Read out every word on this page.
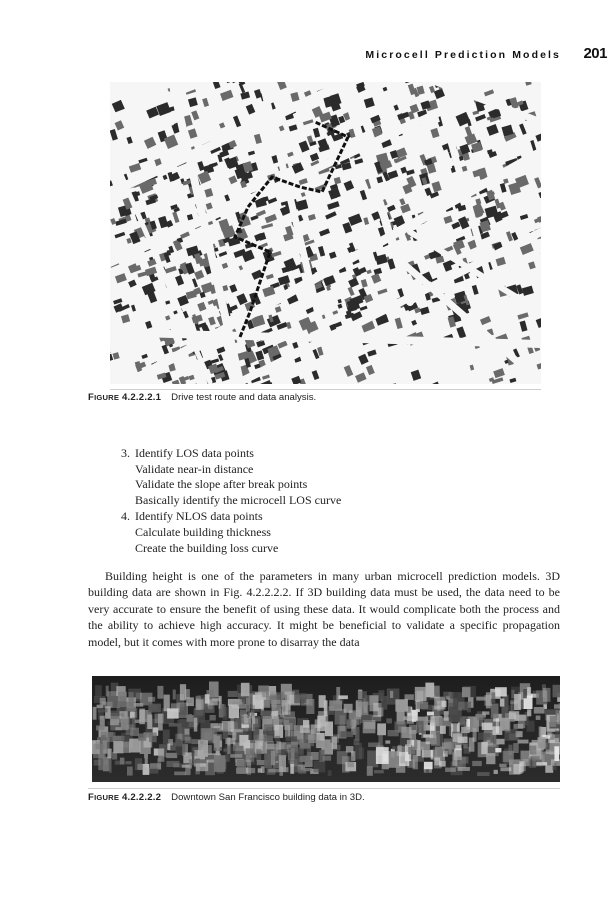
Microcell Prediction Models 201
FIGURE 4.2.2.2.1 Drive test route and data analysis.
3. Identify LOS data points
Validate near-in distance
Validate the slope after break points
Basically identify the microcell LOS curve
4. Identify NLOS data points
Calculate building thickness
Create the building loss curve

Building height is one of the parameters in many urban microcell prediction models. 3D building data are shown in Fig. 4.2.2.2.2. If 3D building data must be used, the data need to be very accurate to ensure the benefit of using these data. It would complicate both the process and the ability to achieve high accuracy. It might be beneficial to validate a specific propagation model, but it comes with more prone to disarray the data

FIGURE 4.2.2.2.2 Downtown San Francisco building data in 3D.
